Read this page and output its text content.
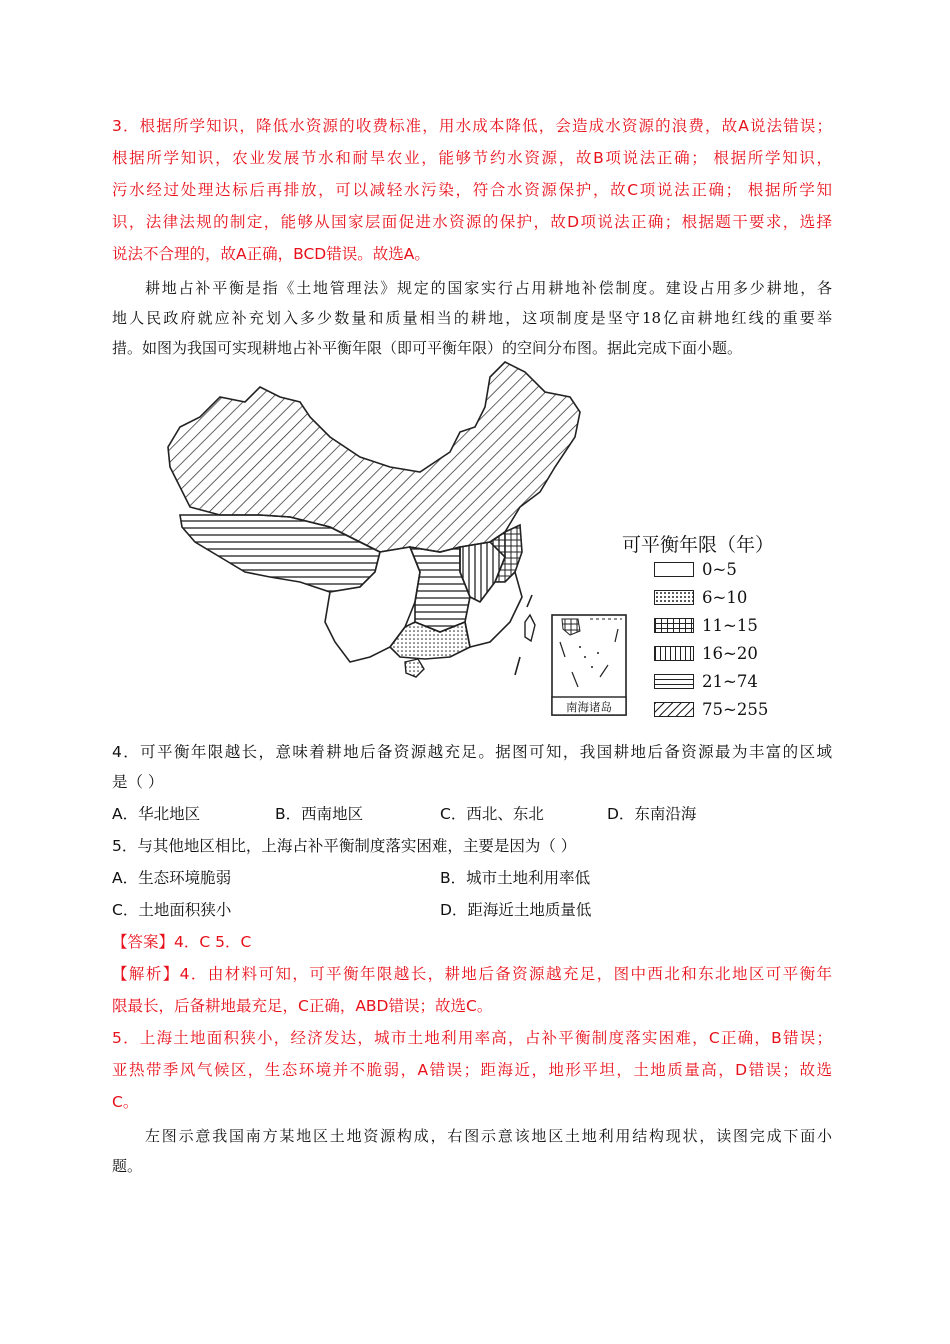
3．根据所学知识，降低水资源的收费标准，用水成本降低，会造成水资源的浪费，故A说法错误；
根据所学知识，农业发展节水和耐旱农业，能够节约水资源，故B项说法正确； 根据所学知识，
污水经过处理达标后再排放，可以减轻水污染，符合水资源保护，故C项说法正确； 根据所学知
识，法律法规的制定，能够从国家层面促进水资源的保护，故D项说法正确；根据题干要求，选择
说法不合理的，故A正确，BCD错误。故选A。
耕地占补平衡是指《土地管理法》规定的国家实行占用耕地补偿制度。建设占用多少耕地，各
地人民政府就应补充划入多少数量和质量相当的耕地，这项制度是坚守18亿亩耕地红线的重要举
措。如图为我国可实现耕地占补平衡年限（即可平衡年限）的空间分布图。据此完成下面小题。
南海诸岛
可平衡年限（年）
0~5
6~10
11~15
16~20
21~74
75~255
4．可平衡年限越长，意味着耕地后备资源越充足。据图可知，我国耕地后备资源最为丰富的区域
是（ ）
A．华北地区	B．西南地区	C．西北、东北	D．东南沿海
5．与其他地区相比，上海占补平衡制度落实困难，主要是因为（ ）
A．生态环境脆弱	B．城市土地利用率低
C．土地面积狭小	D．距海近土地质量低
【答案】4．C 5．C
【解析】4．由材料可知，可平衡年限越长，耕地后备资源越充足，图中西北和东北地区可平衡年
限最长，后备耕地最充足，C正确，ABD错误；故选C。
5．上海土地面积狭小，经济发达，城市土地利用率高，占补平衡制度落实困难，C正确，B错误；
亚热带季风气候区，生态环境并不脆弱，A错误；距海近，地形平坦，土地质量高，D错误；故选
C。
左图示意我国南方某地区土地资源构成，右图示意该地区土地利用结构现状，读图完成下面小
题。
